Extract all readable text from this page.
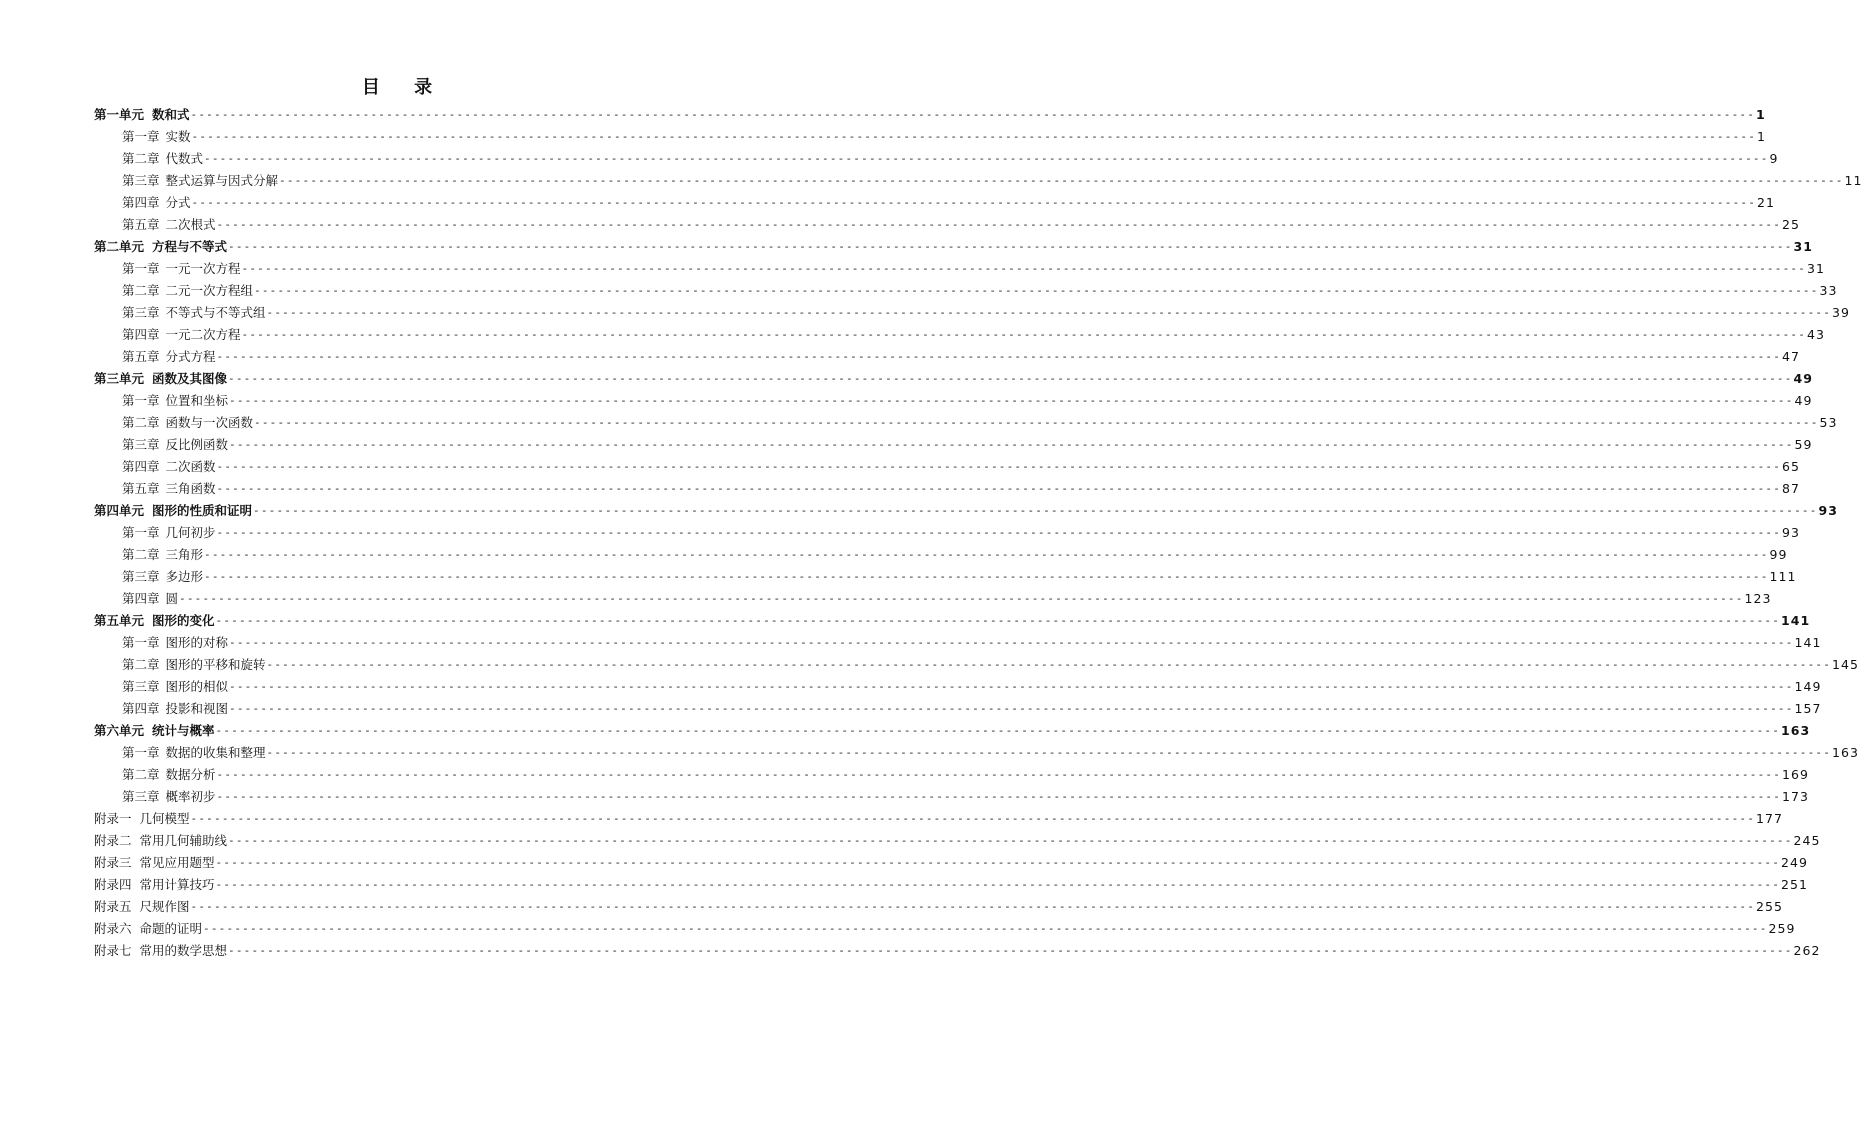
目 录
第一单元 数和式 -------------------------------------------------------------------------------------------------------------------------------------------------------------------------------------------------------- 1
第一章 实数 -------------------------------------------------------------------------------------------------------------------------------------------------------------------------------------------------------- 1
第二章 代数式 -------------------------------------------------------------------------------------------------------------------------------------------------------------------------------------------------------- 9
第三章 整式运算与因式分解 -------------------------------------------------------------------------------------------------------------------------------------------------------------------------------------------------------- 11
第四章 分式 -------------------------------------------------------------------------------------------------------------------------------------------------------------------------------------------------------- 21
第五章 二次根式 -------------------------------------------------------------------------------------------------------------------------------------------------------------------------------------------------------- 25
第二单元 方程与不等式 -------------------------------------------------------------------------------------------------------------------------------------------------------------------------------------------------------- 31
第一章 一元一次方程 -------------------------------------------------------------------------------------------------------------------------------------------------------------------------------------------------------- 31
第二章 二元一次方程组 -------------------------------------------------------------------------------------------------------------------------------------------------------------------------------------------------------- 33
第三章 不等式与不等式组 -------------------------------------------------------------------------------------------------------------------------------------------------------------------------------------------------------- 39
第四章 一元二次方程 -------------------------------------------------------------------------------------------------------------------------------------------------------------------------------------------------------- 43
第五章 分式方程 -------------------------------------------------------------------------------------------------------------------------------------------------------------------------------------------------------- 47
第三单元 函数及其图像 -------------------------------------------------------------------------------------------------------------------------------------------------------------------------------------------------------- 49
第一章 位置和坐标 -------------------------------------------------------------------------------------------------------------------------------------------------------------------------------------------------------- 49
第二章 函数与一次函数 -------------------------------------------------------------------------------------------------------------------------------------------------------------------------------------------------------- 53
第三章 反比例函数 -------------------------------------------------------------------------------------------------------------------------------------------------------------------------------------------------------- 59
第四章 二次函数 -------------------------------------------------------------------------------------------------------------------------------------------------------------------------------------------------------- 65
第五章 三角函数 -------------------------------------------------------------------------------------------------------------------------------------------------------------------------------------------------------- 87
第四单元 图形的性质和证明 -------------------------------------------------------------------------------------------------------------------------------------------------------------------------------------------------------- 93
第一章 几何初步 -------------------------------------------------------------------------------------------------------------------------------------------------------------------------------------------------------- 93
第二章 三角形 -------------------------------------------------------------------------------------------------------------------------------------------------------------------------------------------------------- 99
第三章 多边形 -------------------------------------------------------------------------------------------------------------------------------------------------------------------------------------------------------- 111
第四章 圆 -------------------------------------------------------------------------------------------------------------------------------------------------------------------------------------------------------- 123
第五单元 图形的变化 -------------------------------------------------------------------------------------------------------------------------------------------------------------------------------------------------------- 141
第一章 图形的对称 -------------------------------------------------------------------------------------------------------------------------------------------------------------------------------------------------------- 141
第二章 图形的平移和旋转 -------------------------------------------------------------------------------------------------------------------------------------------------------------------------------------------------------- 145
第三章 图形的相似 -------------------------------------------------------------------------------------------------------------------------------------------------------------------------------------------------------- 149
第四章 投影和视图 -------------------------------------------------------------------------------------------------------------------------------------------------------------------------------------------------------- 157
第六单元 统计与概率 -------------------------------------------------------------------------------------------------------------------------------------------------------------------------------------------------------- 163
第一章 数据的收集和整理 -------------------------------------------------------------------------------------------------------------------------------------------------------------------------------------------------------- 163
第二章 数据分析 -------------------------------------------------------------------------------------------------------------------------------------------------------------------------------------------------------- 169
第三章 概率初步 -------------------------------------------------------------------------------------------------------------------------------------------------------------------------------------------------------- 173
附录一 几何模型 -------------------------------------------------------------------------------------------------------------------------------------------------------------------------------------------------------- 177
附录二 常用几何辅助线 -------------------------------------------------------------------------------------------------------------------------------------------------------------------------------------------------------- 245
附录三 常见应用题型 -------------------------------------------------------------------------------------------------------------------------------------------------------------------------------------------------------- 249
附录四 常用计算技巧 -------------------------------------------------------------------------------------------------------------------------------------------------------------------------------------------------------- 251
附录五 尺规作图 -------------------------------------------------------------------------------------------------------------------------------------------------------------------------------------------------------- 255
附录六 命题的证明 -------------------------------------------------------------------------------------------------------------------------------------------------------------------------------------------------------- 259
附录七 常用的数学思想 -------------------------------------------------------------------------------------------------------------------------------------------------------------------------------------------------------- 262
